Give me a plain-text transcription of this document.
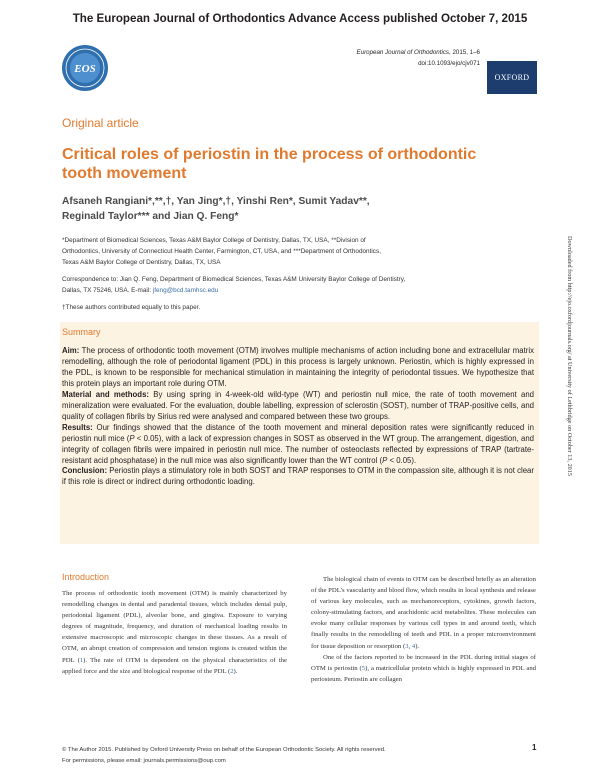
The European Journal of Orthodontics Advance Access published October 7, 2015
EOS
European Journal of Orthodontics, 2015, 1–6
doi:10.1093/ejo/cjv071
OXFORD
Original article
Critical roles of periostin in the process of orthodontic tooth movement
Afsaneh Rangiani*,**,†, Yan Jing*,†, Yinshi Ren*, Sumit Yadav**,
Reginald Taylor*** and Jian Q. Feng*
*Department of Biomedical Sciences, Texas A&M Baylor College of Dentistry, Dallas, TX, USA, **Division of
Orthodontics, University of Connecticut Health Center, Farmington, CT, USA, and ***Department of Orthodontics,
Texas A&M Baylor College of Dentistry, Dallas, TX, USA
Correspondence to: Jian Q. Feng, Department of Biomedical Sciences, Texas A&M University Baylor College of Dentistry,
Dallas, TX 75246, USA. E-mail: jfeng@bcd.tamhsc.edu
†These authors contributed equally to this paper.
Summary
Aim: The process of orthodontic tooth movement (OTM) involves multiple mechanisms of action including bone and extracellular matrix remodelling, although the role of periodontal ligament (PDL) in this process is largely unknown. Periostin, which is highly expressed in the PDL, is known to be responsible for mechanical stimulation in maintaining the integrity of periodontal tissues. We hypothesize that this protein plays an important role during OTM.
Material and methods: By using spring in 4-week-old wild-type (WT) and periostin null mice, the rate of tooth movement and mineralization were evaluated. For the evaluation, double labelling, expression of sclerostin (SOST), number of TRAP-positive cells, and quality of collagen fibrils by Sirius red were analysed and compared between these two groups.
Results: Our findings showed that the distance of the tooth movement and mineral deposition rates were significantly reduced in periostin null mice (P < 0.05), with a lack of expression changes in SOST as observed in the WT group. The arrangement, digestion, and integrity of collagen fibrils were impaired in periostin null mice. The number of osteoclasts reflected by expressions of TRAP (tartrate-resistant acid phosphatase) in the null mice was also significantly lower than the WT control (P < 0.05).
Conclusion: Periostin plays a stimulatory role in both SOST and TRAP responses to OTM in the compassion site, although it is not clear if this role is direct or indirect during orthodontic loading.
Introduction
The process of orthodontic tooth movement (OTM) is mainly characterized by remodelling changes in dental and paradental tissues, which includes dental pulp, periodontal ligament (PDL), alveolar bone, and gingiva. Exposure to varying degrees of magnitude, frequency, and duration of mechanical loading results in extensive macroscopic and microscopic changes in these tissues. As a result of OTM, an abrupt creation of compression and tension regions is created within the PDL (1). The rate of OTM is dependent on the physical characteristics of the applied force and the size and biological response of the PDL (2).
The biological chain of events in OTM can be described briefly as an alteration of the PDL's vascularity and blood flow, which results in local synthesis and release of various key molecules, such as mechanoreceptors, cytokines, growth factors, colony-stimulating factors, and arachidonic acid metabolites. These molecules can evoke many cellular responses by various cell types in and around teeth, which finally results in the remodelling of teeth and PDL in a proper microenvironment for tissue deposition or resorption (3, 4).
One of the factors reported to be increased in the PDL during initial stages of OTM is periostin (5), a matricellular protein which is highly expressed in PDL and periosteum. Periostin are collagen
© The Author 2015. Published by Oxford University Press on behalf of the European Orthodontic Society. All rights reserved.
For permissions, please email: journals.permissions@oup.com
1
Downloaded from http://ejo.oxfordjournals.org/ at University of Lethbridge on October 13, 2015
